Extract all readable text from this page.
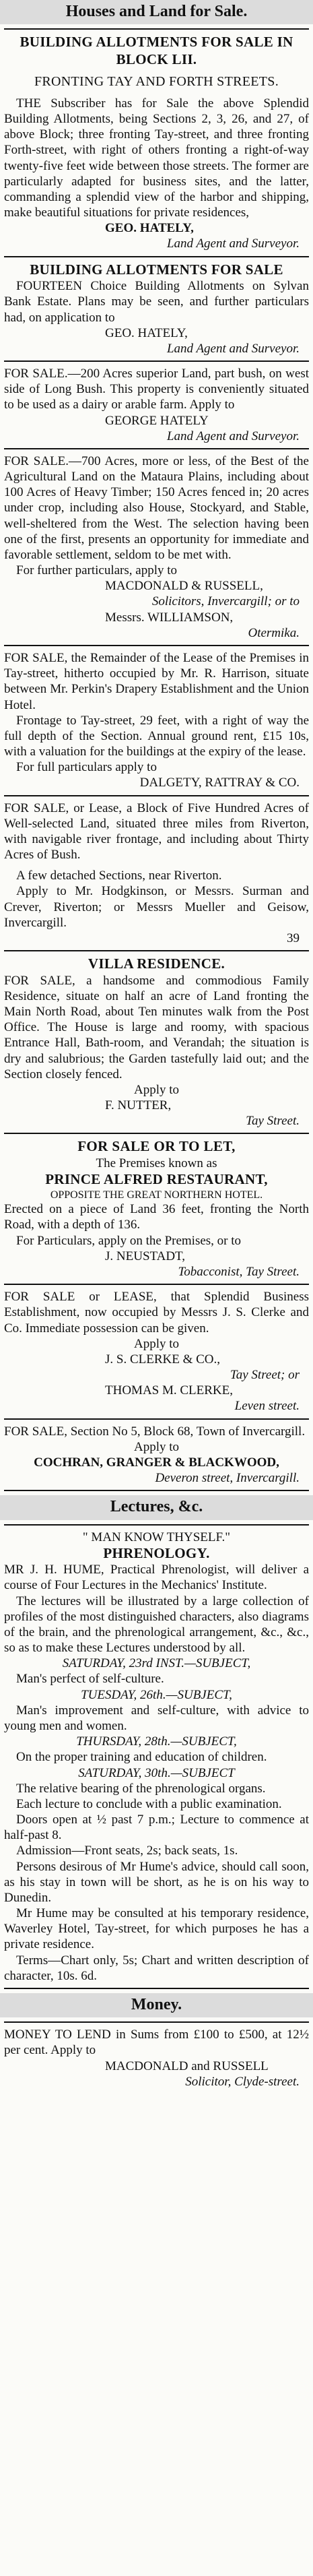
Houses and Land for Sale.
BUILDING ALLOTMENTS FOR SALE IN BLOCK LII.
FRONTING TAY AND FORTH STREETS.
THE Subscriber has for Sale the above Splendid Building Allotments, being Sections 2, 3, 26, and 27, of above Block; three fronting Tay-street, and three fronting Forth-street, with right of others fronting a right-of-way twenty-five feet wide between those streets. The former are particularly adapted for business sites, and the latter, commanding a splendid view of the harbor and shipping, make beautiful situations for private residences,
GEO. HATELY,
Land Agent and Surveyor.
BUILDING ALLOTMENTS FOR SALE
FOURTEEN Choice Building Allotments on Sylvan Bank Estate. Plans may be seen, and further particulars had, on application to
GEO. HATELY,
Land Agent and Surveyor.
FOR SALE.—200 Acres superior Land, part bush, on west side of Long Bush. This property is conveniently situated to be used as a dairy or arable farm. Apply to
GEORGE HATELY
Land Agent and Surveyor.
FOR SALE.—700 Acres, more or less, of the Best of the Agricultural Land on the Mataura Plains, including about 100 Acres of Heavy Timber; 150 Acres fenced in; 20 acres under crop, including also House, Stockyard, and Stable, well-sheltered from the West. The selection having been one of the first, presents an opportunity for immediate and favorable settlement, seldom to be met with.
For further particulars, apply to
MACDONALD & RUSSELL,
Solicitors, Invercargill; or to
Messrs. WILLIAMSON,
Otermika.
FOR SALE, the Remainder of the Lease of the Premises in Tay-street, hitherto occupied by Mr. R. Harrison, situate between Mr. Perkin's Drapery Establishment and the Union Hotel.
Frontage to Tay-street, 29 feet, with a right of way the full depth of the Section. Annual ground rent, £15 10s, with a valuation for the buildings at the expiry of the lease.
For full particulars apply to
DALGETY, RATTRAY & CO.
FOR SALE, or Lease, a Block of Five Hundred Acres of Well-selected Land, situated three miles from Riverton, with navigable river frontage, and including about Thirty Acres of Bush.
A few detached Sections, near Riverton.
Apply to Mr. Hodgkinson, or Messrs. Surman and Crever, Riverton; or Messrs Mueller and Geisow, Invercargill.
39
VILLA RESIDENCE.
FOR SALE, a handsome and commodious Family Residence, situate on half an acre of Land fronting the Main North Road, about Ten minutes walk from the Post Office. The House is large and roomy, with spacious Entrance Hall, Bath-room, and Verandah; the situation is dry and salubrious; the Garden tastefully laid out; and the Section closely fenced.
Apply to
F. NUTTER,
Tay Street.
FOR SALE OR TO LET,
The Premises known as
PRINCE ALFRED RESTAURANT,
OPPOSITE THE GREAT NORTHERN HOTEL.
Erected on a piece of Land 36 feet, fronting the North Road, with a depth of 136.
For Particulars, apply on the Premises, or to
J. NEUSTADT,
Tobacconist, Tay Street.
FOR SALE or LEASE, that Splendid Business Establishment, now occupied by Messrs J. S. Clerke and Co. Immediate possession can be given.
Apply to
J. S. CLERKE & CO.,
Tay Street; or
THOMAS M. CLERKE,
Leven street.
FOR SALE, Section No 5, Block 68, Town of Invercargill.
Apply to
COCHRAN, GRANGER & BLACKWOOD,
Deveron street, Invercargill.
Lectures, &c.
" MAN KNOW THYSELF."
PHRENOLOGY.
MR J. H. HUME, Practical Phrenologist, will deliver a course of Four Lectures in the Mechanics' Institute.
The lectures will be illustrated by a large collection of profiles of the most distinguished characters, also diagrams of the brain, and the phrenological arrangement, &c., &c., so as to make these Lectures understood by all.
SATURDAY, 23rd INST.—SUBJECT,
Man's perfect of self-culture.
TUESDAY, 26th.—SUBJECT,
Man's improvement and self-culture, with advice to young men and women.
THURSDAY, 28th.—SUBJECT,
On the proper training and education of children.
SATURDAY, 30th.—SUBJECT
The relative bearing of the phrenological organs.
Each lecture to conclude with a public examination.
Doors open at ½ past 7 p.m.; Lecture to commence at half-past 8.
Admission—Front seats, 2s; back seats, 1s.
Persons desirous of Mr Hume's advice, should call soon, as his stay in town will be short, as he is on his way to Dunedin.
Mr Hume may be consulted at his temporary residence, Waverley Hotel, Tay-street, for which purposes he has a private residence.
Terms—Chart only, 5s; Chart and written description of character, 10s. 6d.
Money.
MONEY TO LEND in Sums from £100 to £500, at 12½ per cent. Apply to
MACDONALD and RUSSELL
Solicitor, Clyde-street.
